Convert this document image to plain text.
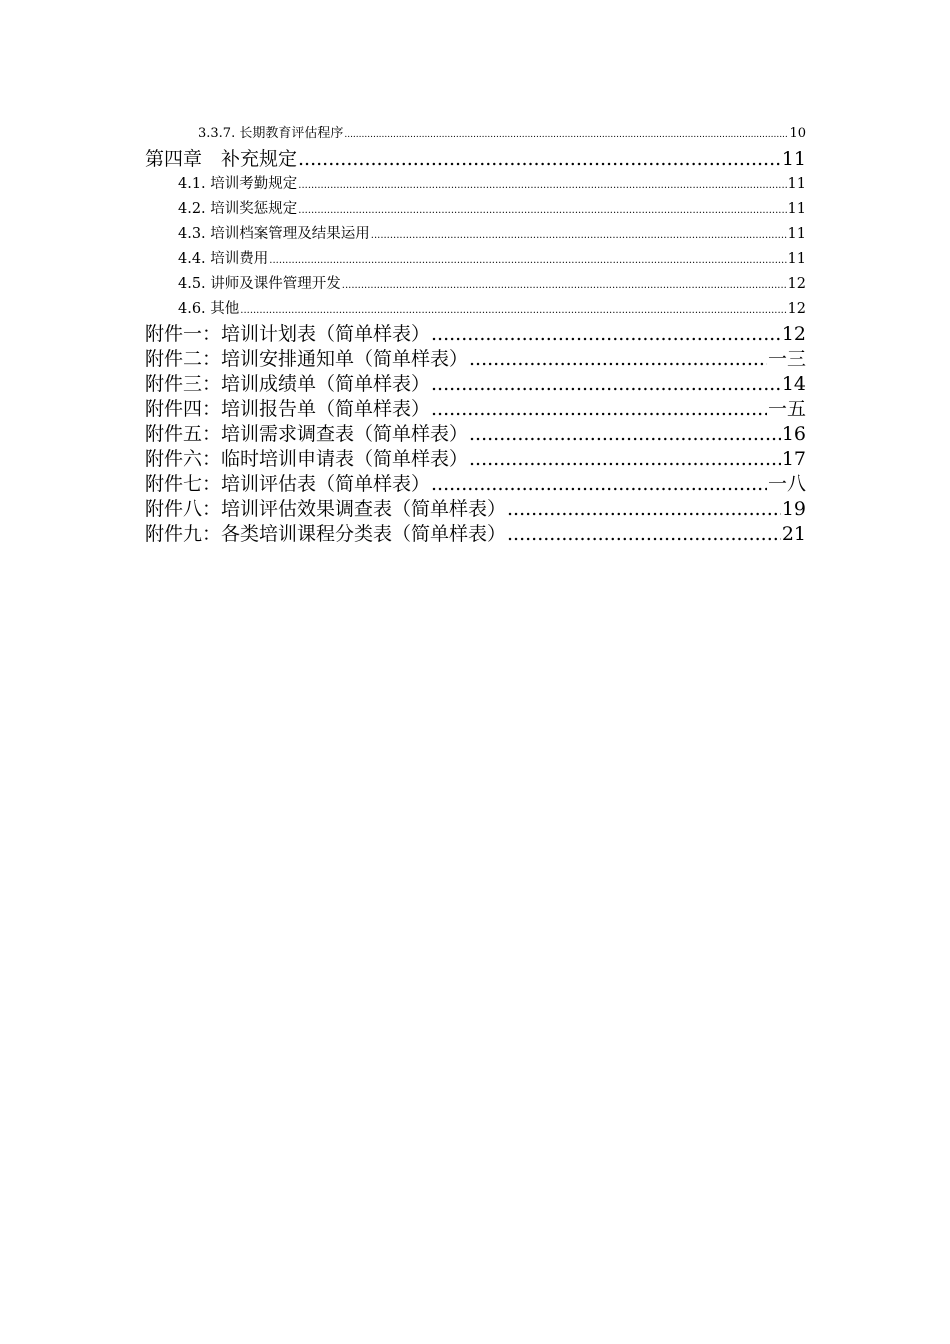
3.3.7. 长期教育评估程序 .....	10
第四章　补充规定 .....	11
4.1. 培训考勤规定 .....	11
4.2. 培训奖惩规定 .....	11
4.3. 培训档案管理及结果运用 .....	11
4.4. 培训费用 .....	11
4.5. 讲师及课件管理开发 .....	12
4.6. 其他 .....	12
附件一：培训计划表（简单样表） .....	12
附件二：培训安排通知单（简单样表） .....	一三
附件三：培训成绩单（简单样表） .....	14
附件四：培训报告单（简单样表） .....	一五
附件五：培训需求调查表（简单样表） .....	16
附件六：临时培训申请表（简单样表） .....	17
附件七：培训评估表（简单样表） .....	一八
附件八：培训评估效果调查表（简单样表） .....	19
附件九：各类培训课程分类表（简单样表） .....	21
